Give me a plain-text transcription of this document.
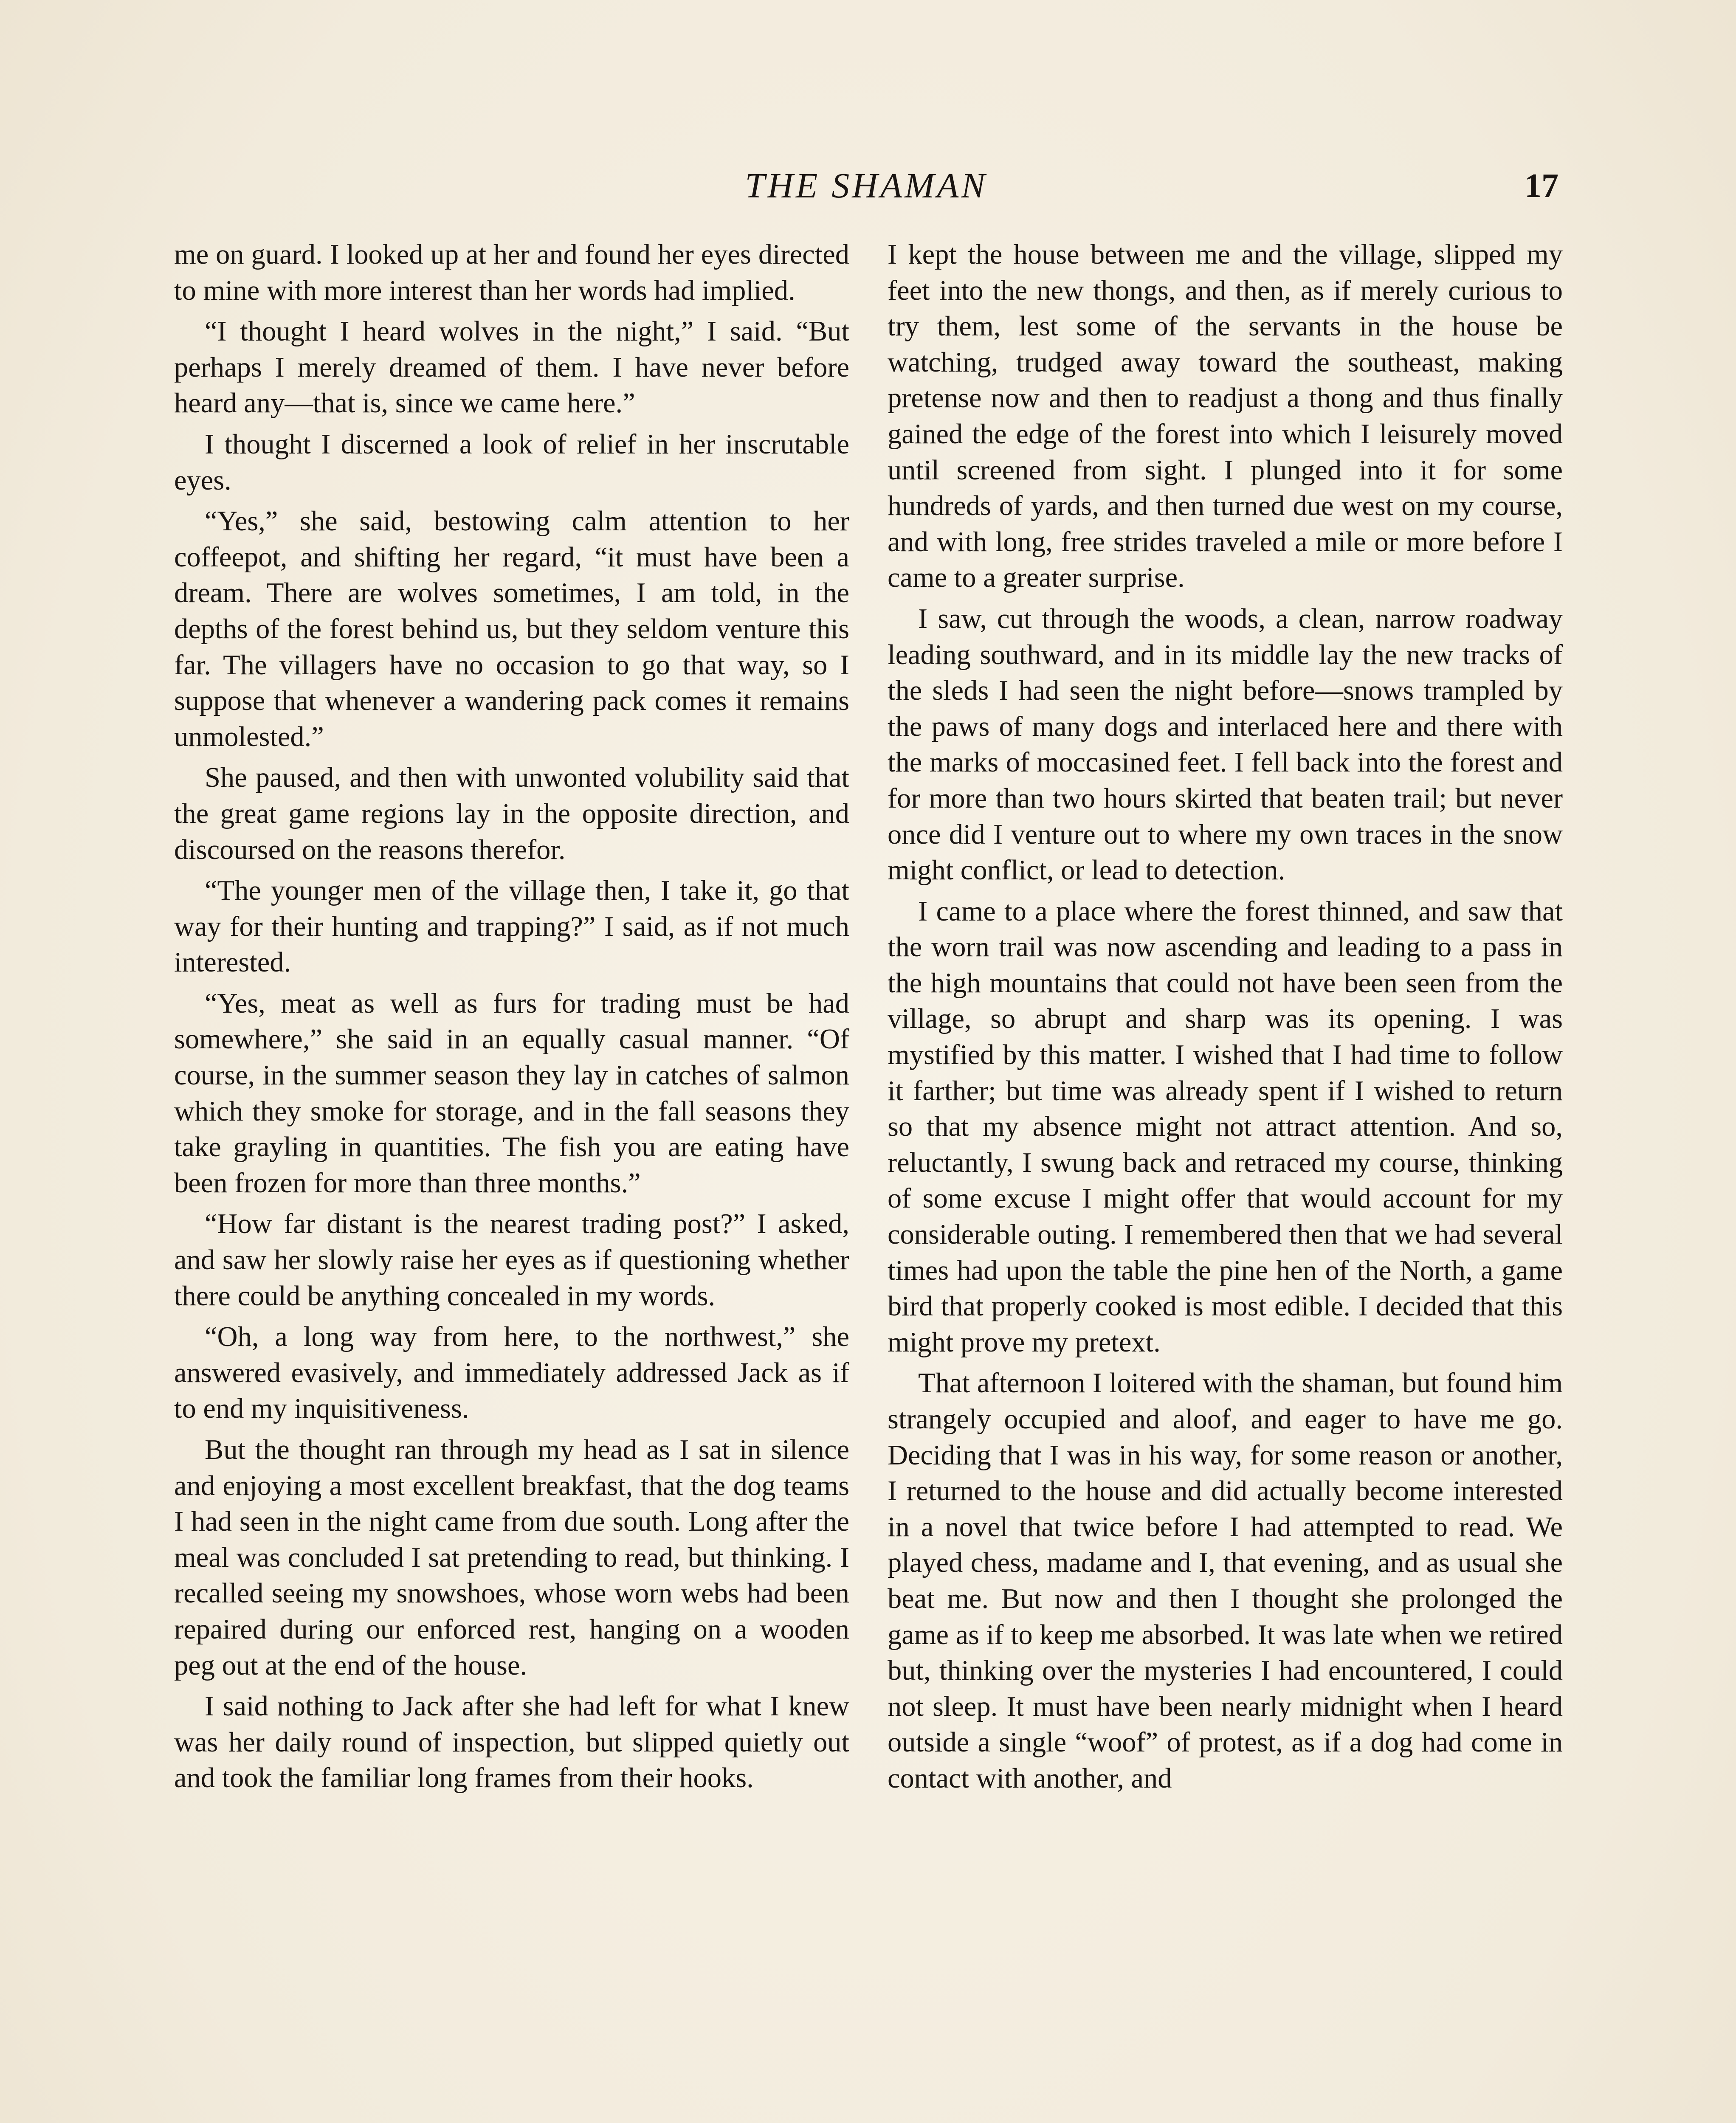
THE SHAMAN	17

me on guard. I looked up at her and found her eyes directed to mine with more interest than her words had implied.

“I thought I heard wolves in the night,” I said. “But perhaps I merely dreamed of them. I have never before heard any—that is, since we came here.”

I thought I discerned a look of relief in her inscrutable eyes.

“Yes,” she said, bestowing calm attention to her coffeepot, and shifting her regard, “it must have been a dream. There are wolves sometimes, I am told, in the depths of the forest behind us, but they seldom venture this far. The villagers have no occasion to go that way, so I suppose that whenever a wandering pack comes it remains unmolested.”

She paused, and then with unwonted volubility said that the great game regions lay in the opposite direction, and discoursed on the reasons therefor.

“The younger men of the village then, I take it, go that way for their hunting and trapping?” I said, as if not much interested.

“Yes, meat as well as furs for trading must be had somewhere,” she said in an equally casual manner. “Of course, in the summer season they lay in catches of salmon which they smoke for storage, and in the fall seasons they take grayling in quantities. The fish you are eating have been frozen for more than three months.”

“How far distant is the nearest trading post?” I asked, and saw her slowly raise her eyes as if questioning whether there could be anything concealed in my words.

“Oh, a long way from here, to the northwest,” she answered evasively, and immediately addressed Jack as if to end my inquisitiveness.

But the thought ran through my head as I sat in silence and enjoying a most excellent breakfast, that the dog teams I had seen in the night came from due south. Long after the meal was concluded I sat pretending to read, but thinking. I recalled seeing my snowshoes, whose worn webs had been repaired during our enforced rest, hanging on a wooden peg out at the end of the house.

I said nothing to Jack after she had left for what I knew was her daily round of inspection, but slipped quietly out and took the familiar long frames from their hooks.

I kept the house between me and the village, slipped my feet into the new thongs, and then, as if merely curious to try them, lest some of the servants in the house be watching, trudged away toward the southeast, making pretense now and then to readjust a thong and thus finally gained the edge of the forest into which I leisurely moved until screened from sight. I plunged into it for some hundreds of yards, and then turned due west on my course, and with long, free strides traveled a mile or more before I came to a greater surprise.

I saw, cut through the woods, a clean, narrow roadway leading southward, and in its middle lay the new tracks of the sleds I had seen the night before—snows trampled by the paws of many dogs and interlaced here and there with the marks of moccasined feet. I fell back into the forest and for more than two hours skirted that beaten trail; but never once did I venture out to where my own traces in the snow might conflict, or lead to detection.

I came to a place where the forest thinned, and saw that the worn trail was now ascending and leading to a pass in the high mountains that could not have been seen from the village, so abrupt and sharp was its opening. I was mystified by this matter. I wished that I had time to follow it farther; but time was already spent if I wished to return so that my absence might not attract attention. And so, reluctantly, I swung back and retraced my course, thinking of some excuse I might offer that would account for my considerable outing. I remembered then that we had several times had upon the table the pine hen of the North, a game bird that properly cooked is most edible. I decided that this might prove my pretext.

That afternoon I loitered with the shaman, but found him strangely occupied and aloof, and eager to have me go. Deciding that I was in his way, for some reason or another, I returned to the house and did actually become interested in a novel that twice before I had attempted to read. We played chess, madame and I, that evening, and as usual she beat me. But now and then I thought she prolonged the game as if to keep me absorbed. It was late when we retired but, thinking over the mysteries I had encountered, I could not sleep. It must have been nearly midnight when I heard outside a single “woof” of protest, as if a dog had come in contact with another, and
